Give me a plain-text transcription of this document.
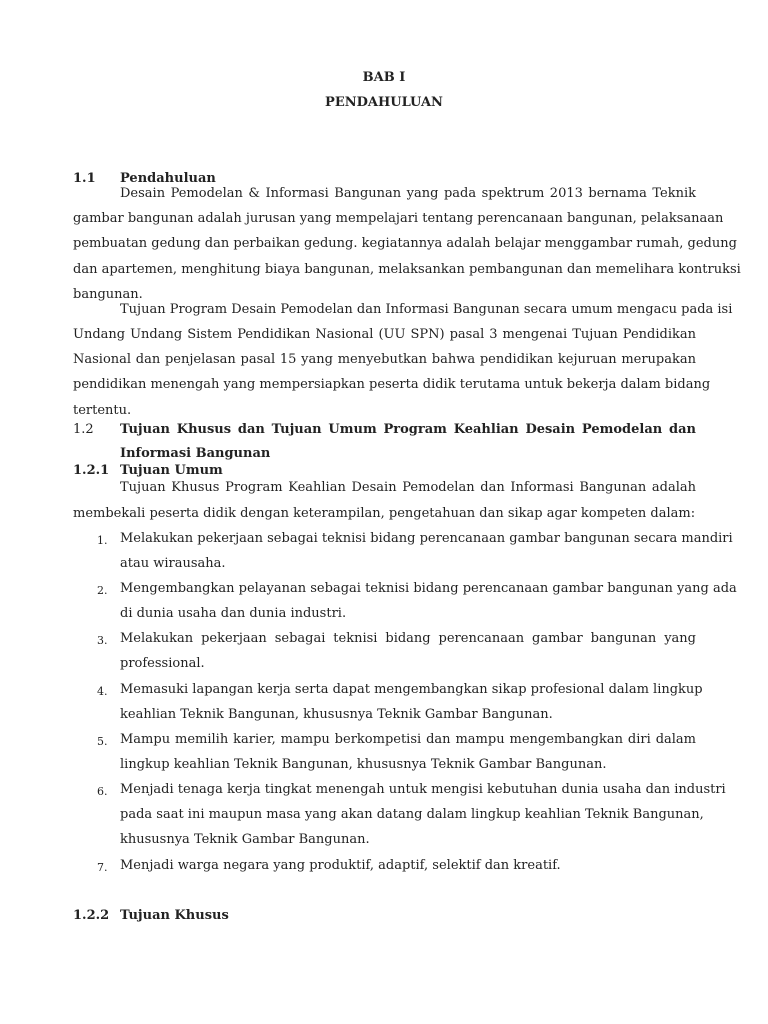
BAB I
PENDAHULUAN
1.1 Pendahuluan
Desain Pemodelan & Informasi Bangunan yang pada spektrum 2013 bernama Teknik
gambar bangunan adalah jurusan yang mempelajari tentang perencanaan bangunan, pelaksanaan
pembuatan gedung dan perbaikan gedung. kegiatannya adalah belajar menggambar rumah, gedung
dan apartemen, menghitung biaya bangunan, melaksankan pembangunan dan memelihara kontruksi
bangunan.
Tujuan Program Desain Pemodelan dan Informasi Bangunan secara umum mengacu pada isi
Undang Undang Sistem Pendidikan Nasional (UU SPN) pasal 3 mengenai Tujuan Pendidikan
Nasional dan penjelasan pasal 15 yang menyebutkan bahwa pendidikan kejuruan merupakan
pendidikan menengah yang mempersiapkan peserta didik terutama untuk bekerja dalam bidang
tertentu.
1.2 Tujuan Khusus dan Tujuan Umum Program Keahlian Desain Pemodelan dan
Informasi Bangunan
1.2.1 Tujuan Umum
Tujuan Khusus Program Keahlian Desain Pemodelan dan Informasi Bangunan adalah
membekali peserta didik dengan keterampilan, pengetahuan dan sikap agar kompeten dalam:
1. Melakukan pekerjaan sebagai teknisi bidang perencanaan gambar bangunan secara mandiri
atau wirausaha.
2. Mengembangkan pelayanan sebagai teknisi bidang perencanaan gambar bangunan yang ada
di dunia usaha dan dunia industri.
3. Melakukan pekerjaan sebagai teknisi bidang perencanaan gambar bangunan yang
professional.
4. Memasuki lapangan kerja serta dapat mengembangkan sikap profesional dalam lingkup
keahlian Teknik Bangunan, khususnya Teknik Gambar Bangunan.
5. Mampu memilih karier, mampu berkompetisi dan mampu mengembangkan diri dalam
lingkup keahlian Teknik Bangunan, khususnya Teknik Gambar Bangunan.
6. Menjadi tenaga kerja tingkat menengah untuk mengisi kebutuhan dunia usaha dan industri
pada saat ini maupun masa yang akan datang dalam lingkup keahlian Teknik Bangunan,
khususnya Teknik Gambar Bangunan.
7. Menjadi warga negara yang produktif, adaptif, selektif dan kreatif.
1.2.2 Tujuan Khusus
